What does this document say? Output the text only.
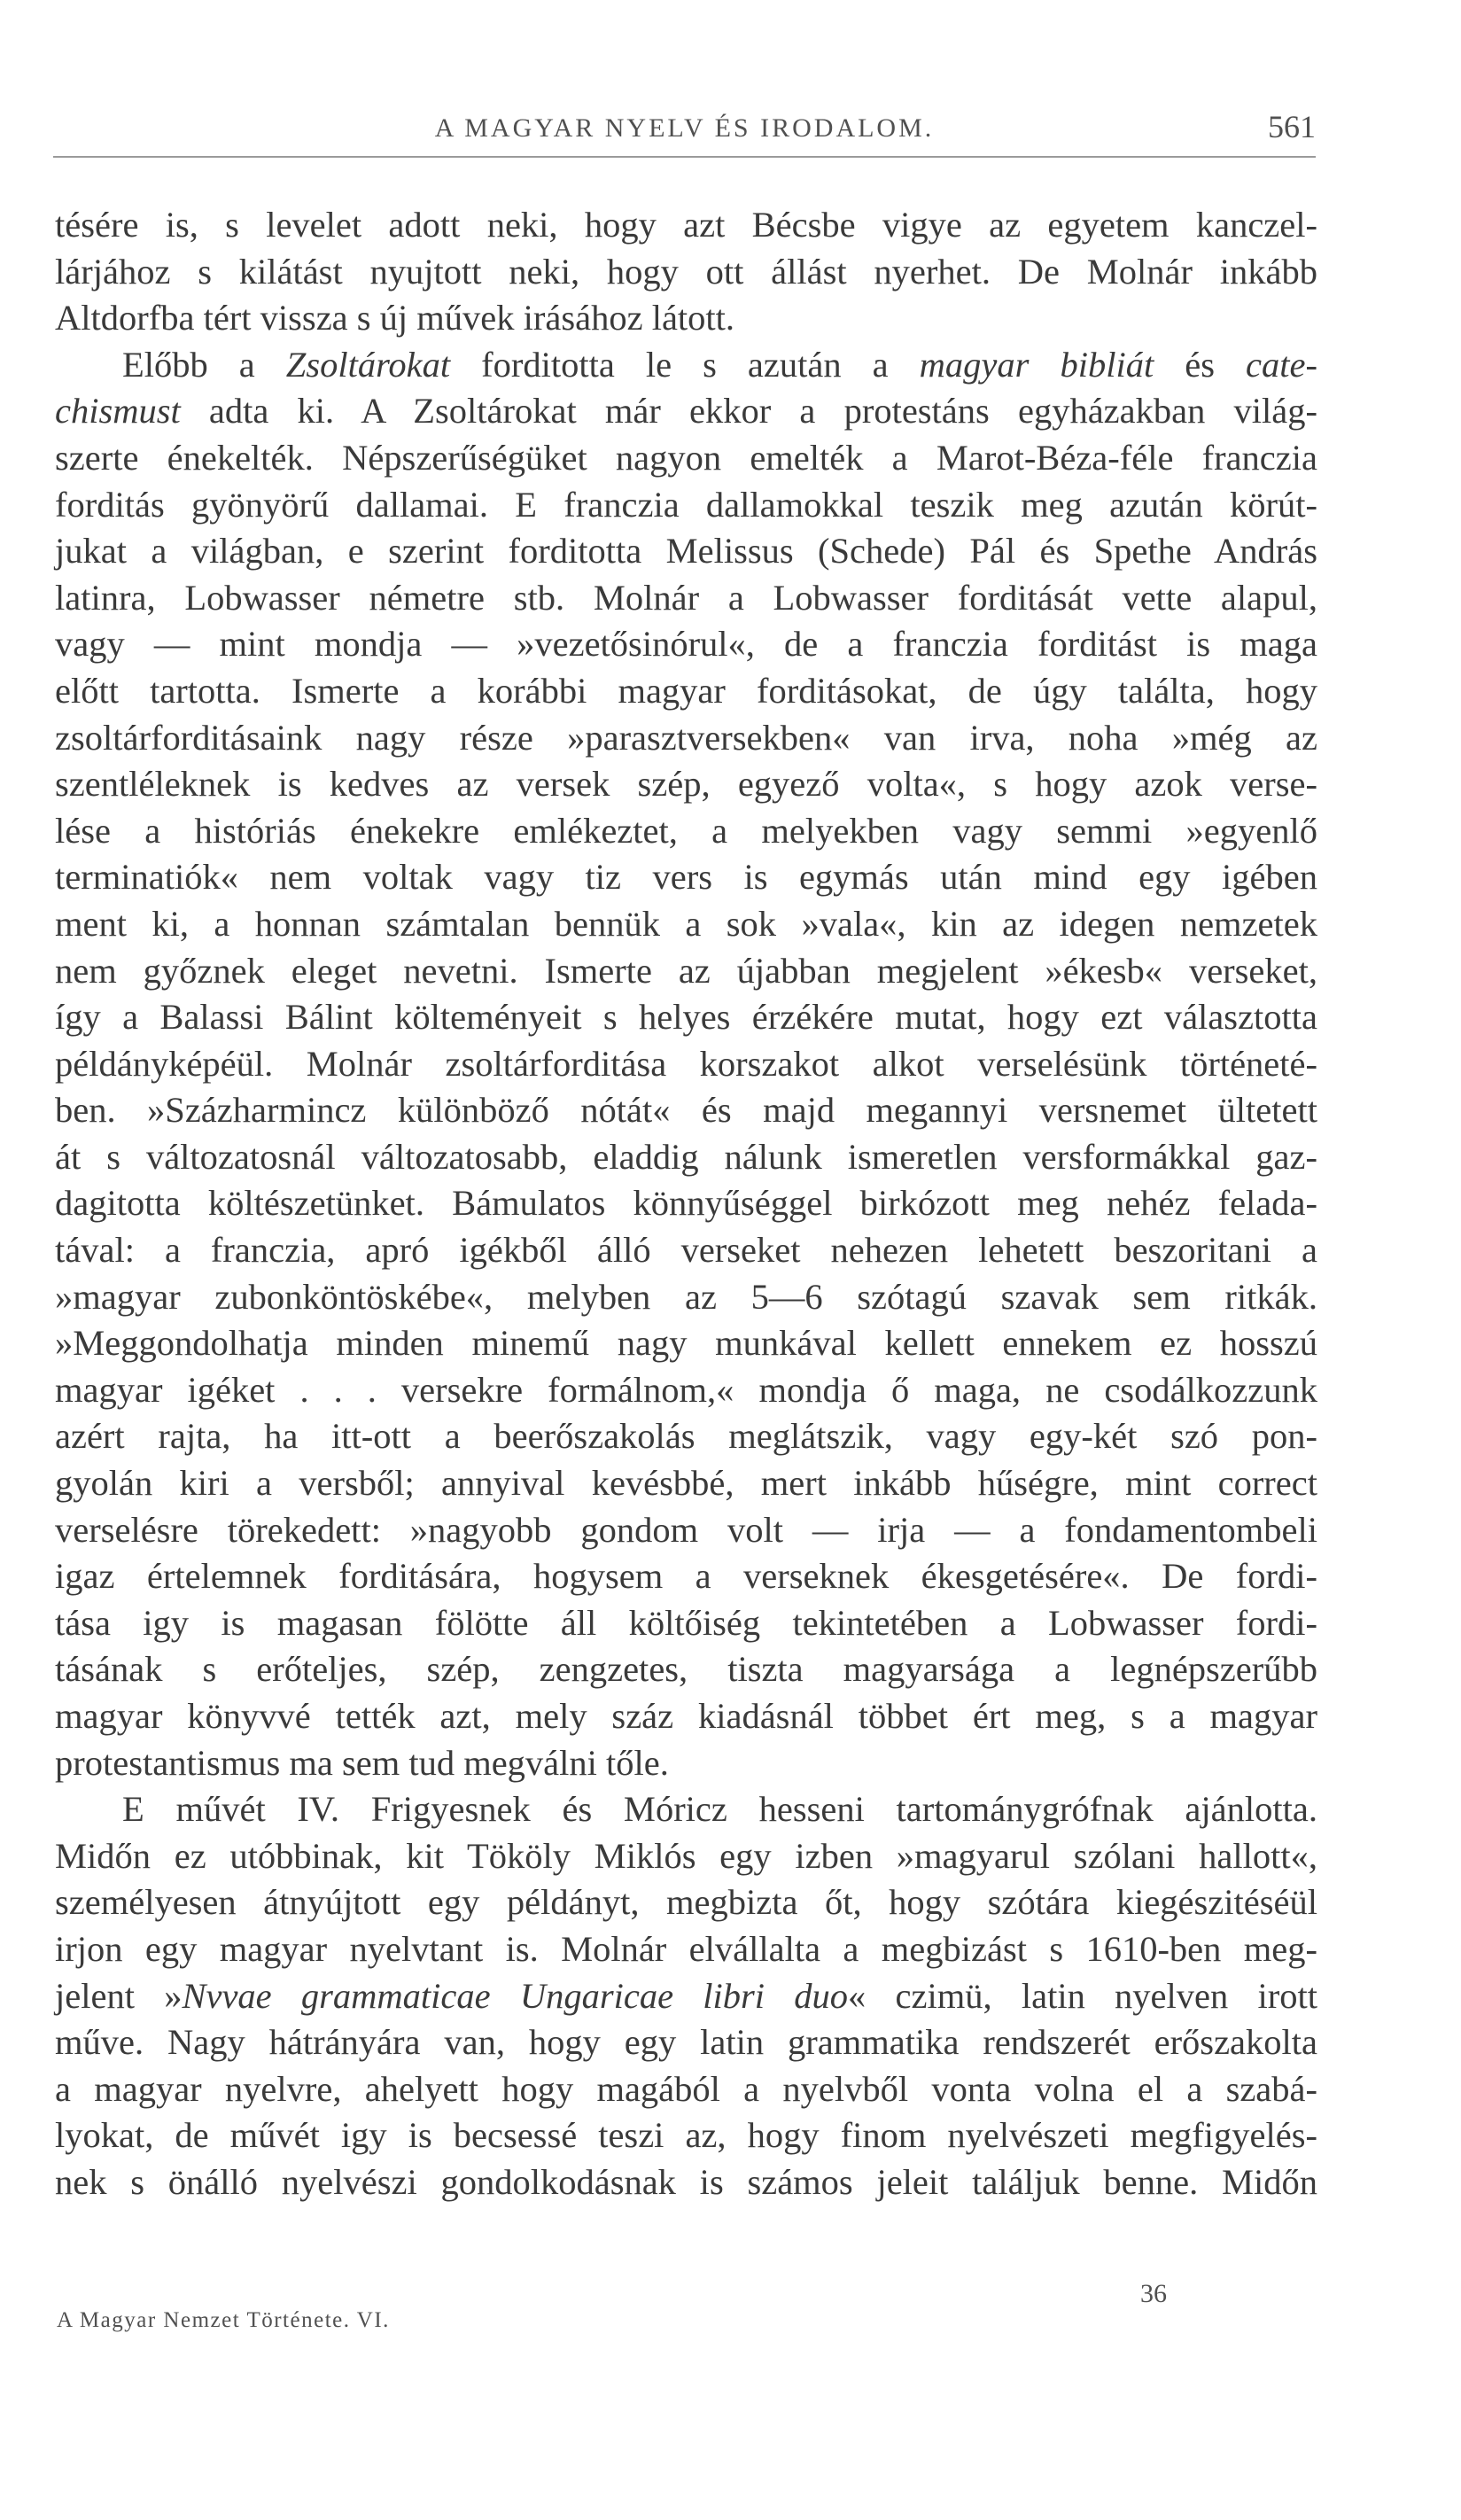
A MAGYAR NYELV ÉS IRODALOM.	561

tésére is, s levelet adott neki, hogy azt Bécsbe vigye az egyetem kanczel-

lárjához s kilátást nyujtott neki, hogy ott állást nyerhet. De Molnár inkább

Altdorfba tért vissza s új művek irásához látott.

Előbb a Zsoltárokat forditotta le s azután a magyar bibliát és cate-

chismust adta ki. A Zsoltárokat már ekkor a protestáns egyházakban világ-

szerte énekelték. Népszerűségüket nagyon emelték a Marot-Béza-féle franczia

forditás gyönyörű dallamai. E franczia dallamokkal teszik meg azután körút-

jukat a világban, e szerint forditotta Melissus (Schede) Pál és Spethe András

latinra, Lobwasser németre stb. Molnár a Lobwasser forditását vette alapul,

vagy — mint mondja — »vezetősinórul«, de a franczia forditást is maga

előtt tartotta. Ismerte a korábbi magyar forditásokat, de úgy találta, hogy

zsoltárforditásaink nagy része »parasztversekben« van irva, noha »még az

szentléleknek is kedves az versek szép, egyező volta«, s hogy azok verse-

lése a históriás énekekre emlékeztet, a melyekben vagy semmi »egyenlő

terminatiók« nem voltak vagy tiz vers is egymás után mind egy igében

ment ki, a honnan számtalan bennük a sok »vala«, kin az idegen nemzetek

nem győznek eleget nevetni. Ismerte az újabban megjelent »ékesb« verseket,

így a Balassi Bálint költeményeit s helyes érzékére mutat, hogy ezt választotta

példányképéül. Molnár zsoltárforditása korszakot alkot verselésünk történeté-

ben. »Százharmincz különböző nótát« és majd megannyi versnemet ültetett

át s változatosnál változatosabb, eladdig nálunk ismeretlen versformákkal gaz-

dagitotta költészetünket. Bámulatos könnyűséggel birkózott meg nehéz felada-

tával: a franczia, apró igékből álló verseket nehezen lehetett beszoritani a

»magyar zubonköntöskébe«, melyben az 5—6 szótagú szavak sem ritkák.

»Meggondolhatja minden minemű nagy munkával kellett ennekem ez hosszú

magyar igéket . . . versekre formálnom,« mondja ő maga, ne csodálkozzunk

azért rajta, ha itt-ott a beerőszakolás meglátszik, vagy egy-két szó pon-

gyolán kiri a versből; annyival kevésbbé, mert inkább hűségre, mint correct

verselésre törekedett: »nagyobb gondom volt — irja — a fondamentombeli

igaz értelemnek forditására, hogysem a verseknek ékesgetésére«. De fordi-

tása igy is magasan fölötte áll költőiség tekintetében a Lobwasser fordi-

tásának s erőteljes, szép, zengzetes, tiszta magyarsága a legnépszerűbb

magyar könyvvé tették azt, mely száz kiadásnál többet ért meg, s a magyar

protestantismus ma sem tud megválni tőle.

E művét IV. Frigyesnek és Móricz hesseni tartománygrófnak ajánlotta.

Midőn ez utóbbinak, kit Tököly Miklós egy izben »magyarul szólani hallott«,

személyesen átnyújtott egy példányt, megbizta őt, hogy szótára kiegészitéséül

irjon egy magyar nyelvtant is. Molnár elvállalta a megbizást s 1610-ben meg-

jelent »Nvvae grammaticae Ungaricae libri duo« czimü, latin nyelven irott

műve. Nagy hátrányára van, hogy egy latin grammatika rendszerét erőszakolta

a magyar nyelvre, ahelyett hogy magából a nyelvből vonta volna el a szabá-

lyokat, de művét igy is becsessé teszi az, hogy finom nyelvészeti megfigyelés-

nek s önálló nyelvészi gondolkodásnak is számos jeleit találjuk benne. Midőn

36
A Magyar Nemzet Története. VI.
